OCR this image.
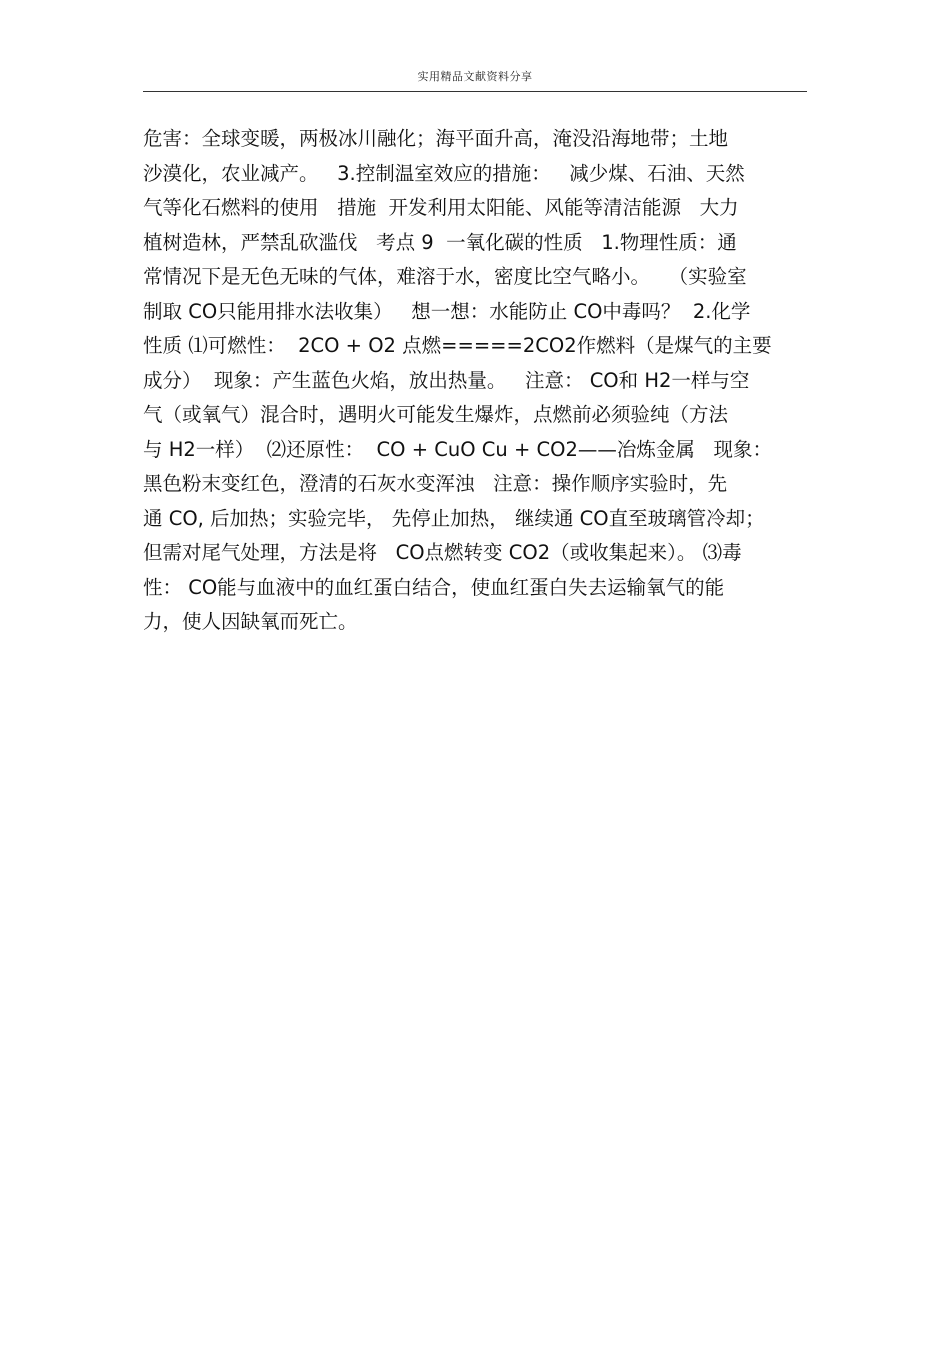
实用精品文献资料分享
危害：全球变暖，两极冰川融化；海平面升高，淹没沿海地带；土地
沙漠化，农业减产。   3.控制温室效应的措施：   减少煤、石油、天然
气等化石燃料的使用   措施  开发利用太阳能、风能等清洁能源   大力
植树造林，严禁乱砍滥伐   考点 9  一氧化碳的性质   1.物理性质：通
常情况下是无色无味的气体，难溶于水，密度比空气略小。   （实验室
制取 CO只能用排水法收集）   想一想：水能防止 CO中毒吗？  2.化学
性质 ⑴可燃性：  2CO + O2 点燃=====2CO2作燃料（是煤气的主要
成分）  现象：产生蓝色火焰，放出热量。   注意： CO和 H2一样与空
气（或氧气）混合时，遇明火可能发生爆炸，点燃前必须验纯（方法
与 H2一样）  ⑵还原性：  CO + CuO Cu + CO2——冶炼金属   现象：
黑色粉末变红色，澄清的石灰水变浑浊   注意：操作顺序实验时，先
通 CO, 后加热；实验完毕， 先停止加热， 继续通 CO直至玻璃管冷却；
但需对尾气处理，方法是将   CO点燃转变 CO2（或收集起来）。 ⑶毒
性： CO能与血液中的血红蛋白结合，使血红蛋白失去运输氧气的能
力，使人因缺氧而死亡。
